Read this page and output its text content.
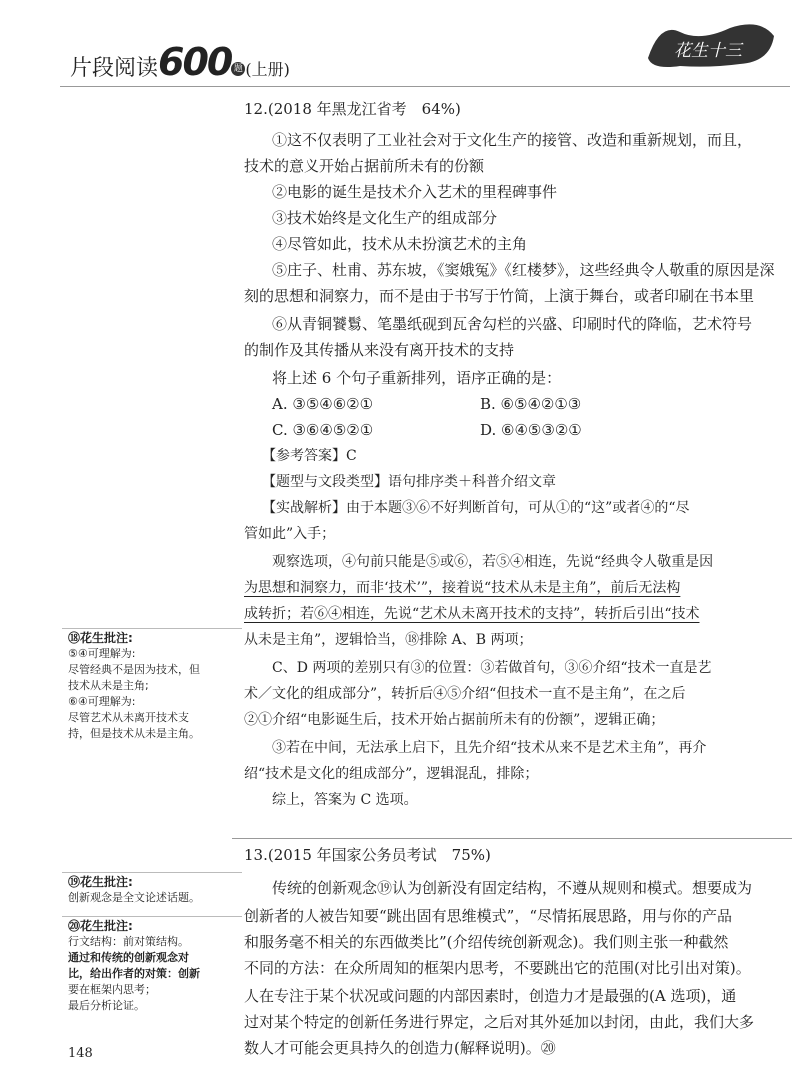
片段阅读600 题 (上册)
花生十三
12.(2018 年黑龙江省考　64%)
①这不仅表明了工业社会对于文化生产的接管、改造和重新规划，而且，
技术的意义开始占据前所未有的份额
②电影的诞生是技术介入艺术的里程碑事件
③技术始终是文化生产的组成部分
④尽管如此，技术从未扮演艺术的主角
⑤庄子、杜甫、苏东坡，《窦娥冤》《红楼梦》，这些经典令人敬重的原因是深
刻的思想和洞察力，而不是由于书写于竹简，上演于舞台，或者印刷在书本里
⑥从青铜饕鬄、笔墨纸砚到瓦舍勾栏的兴盛、印刷时代的降临，艺术符号
的制作及其传播从来没有离开技术的支持
将上述 6 个句子重新排列，语序正确的是：
A. ③⑤④⑥②①	B. ⑥⑤④②①③
C. ③⑥④⑤②①	D. ⑥④⑤③②①
【参考答案】C
【题型与文段类型】语句排序类＋科普介绍文章
【实战解析】由于本题③⑥不好判断首句，可从①的“这”或者④的“尽
管如此”入手；
观察选项，④句前只能是⑤或⑥，若⑤④相连，先说“经典令人敬重是因
为思想和洞察力，而非‘技术’”，接着说“技术从未是主角”，前后无法构
成转折；若⑥④相连，先说“艺术从未离开技术的支持”，转折后引出“技术
从未是主角”，逻辑恰当，⑱排除 A、B 两项；
C、D 两项的差别只有③的位置：③若做首句，③⑥介绍“技术一直是艺
术／文化的组成部分”，转折后④⑤介绍“但技术一直不是主角”，在之后
②①介绍“电影诞生后，技术开始占据前所未有的份额”，逻辑正确；
③若在中间，无法承上启下，且先介绍“技术从来不是艺术主角”，再介
绍“技术是文化的组成部分”，逻辑混乱，排除；
综上，答案为 C 选项。
⑱花生批注:
⑤④可理解为:
尽管经典不是因为技术，但
技术从未是主角;
⑥④可理解为:
尽管艺术从未离开技术支
持，但是技术从未是主角。
13.(2015 年国家公务员考试　75%)
传统的创新观念⑲认为创新没有固定结构，不遵从规则和模式。想要成为
创新者的人被告知要“跳出固有思维模式”，“尽情拓展思路，用与你的产品
和服务毫不相关的东西做类比”(介绍传统创新观念)。我们则主张一种截然
不同的方法：在众所周知的框架内思考，不要跳出它的范围(对比引出对策)。
人在专注于某个状况或问题的内部因素时，创造力才是最强的(A 选项)，通
过对某个特定的创新任务进行界定，之后对其外延加以封闭，由此，我们大多
数人才可能会更具持久的创造力(解释说明)。⑳
⑲花生批注:
创新观念是全文论述话题。
⑳花生批注:
行文结构：前对策结构。
通过和传统的创新观念对
比，给出作者的对策：创新
要在框架内思考；
最后分析论证。
148
